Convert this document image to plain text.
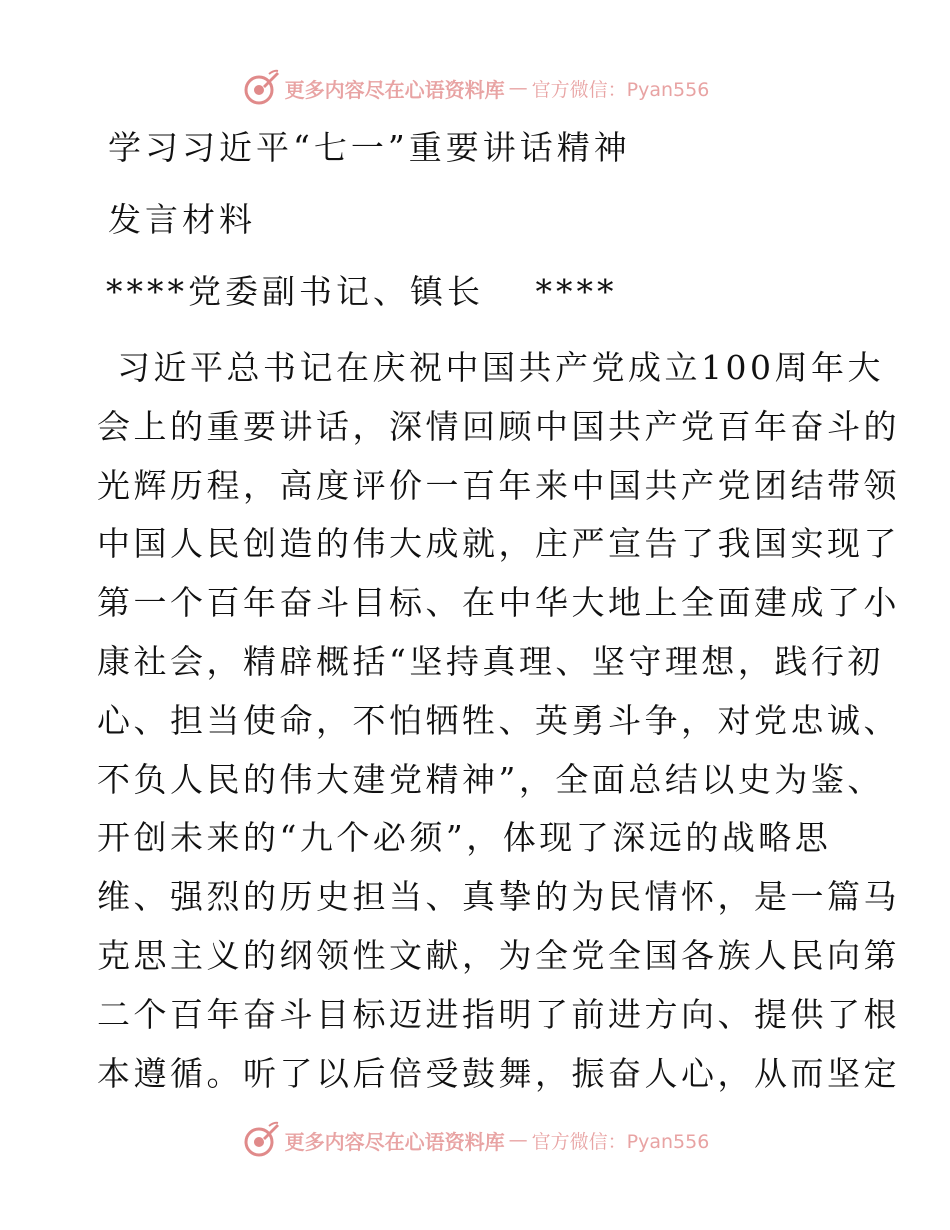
更多内容尽在心语资料库 — 官方微信：Pyan556
学习习近平“七一”重要讲话精神
发言材料
****党委副书记、镇长　 ****
习近平总书记在庆祝中国共产党成立100周年大
会上的重要讲话，深情回顾中国共产党百年奋斗的
光辉历程，高度评价一百年来中国共产党团结带领
中国人民创造的伟大成就，庄严宣告了我国实现了
第一个百年奋斗目标、在中华大地上全面建成了小
康社会，精辟概括“坚持真理、坚守理想，践行初
心、担当使命，不怕牺牲、英勇斗争，对党忠诚、
不负人民的伟大建党精神”，全面总结以史为鉴、
开创未来的“九个必须”，体现了深远的战略思
维、强烈的历史担当、真挚的为民情怀，是一篇马
克思主义的纲领性文献，为全党全国各族人民向第
二个百年奋斗目标迈进指明了前进方向、提供了根
本遵循。听了以后倍受鼓舞，振奋人心，从而坚定
更多内容尽在心语资料库 — 官方微信：Pyan556
